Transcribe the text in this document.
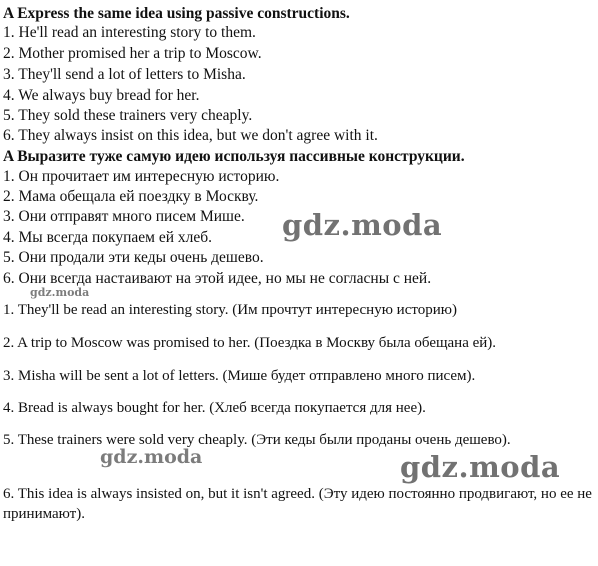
A Express the same idea using passive constructions.
1. He'll read an interesting story to them.
2. Mother promised her a trip to Moscow.
3. They'll send a lot of letters to Misha.
4. We always buy bread for her.
5. They sold these trainers very cheaply.
6. They always insist on this idea, but we don't agree with it.
A Выразите туже самую идею используя пассивные конструкции.
1. Он прочитает им интересную историю.
2. Мама обещала ей поездку в Москву.
3. Они отправят много писем Мише.
4. Мы всегда покупаем ей хлеб.
5. Они продали эти кеды очень дешево.
6. Они всегда настаивают на этой идее, но мы не согласны с ней.
1. They'll be read an interesting story. (Им прочтут интересную историю)
2. A trip to Moscow was promised to her. (Поездка в Москву была обещана ей).
3. Misha will be sent a lot of letters. (Мише будет отправлено много писем).
4. Bread is always bought for her. (Хлеб всегда покупается для нее).
5. These trainers were sold very cheaply. (Эти кеды были проданы очень дешево).
6. This idea is always insisted on, but it isn't agreed. (Эту идею постоянно продвигают, но ее не принимают).
gdz.moda
gdz.moda
gdz.moda	gdz.moda
